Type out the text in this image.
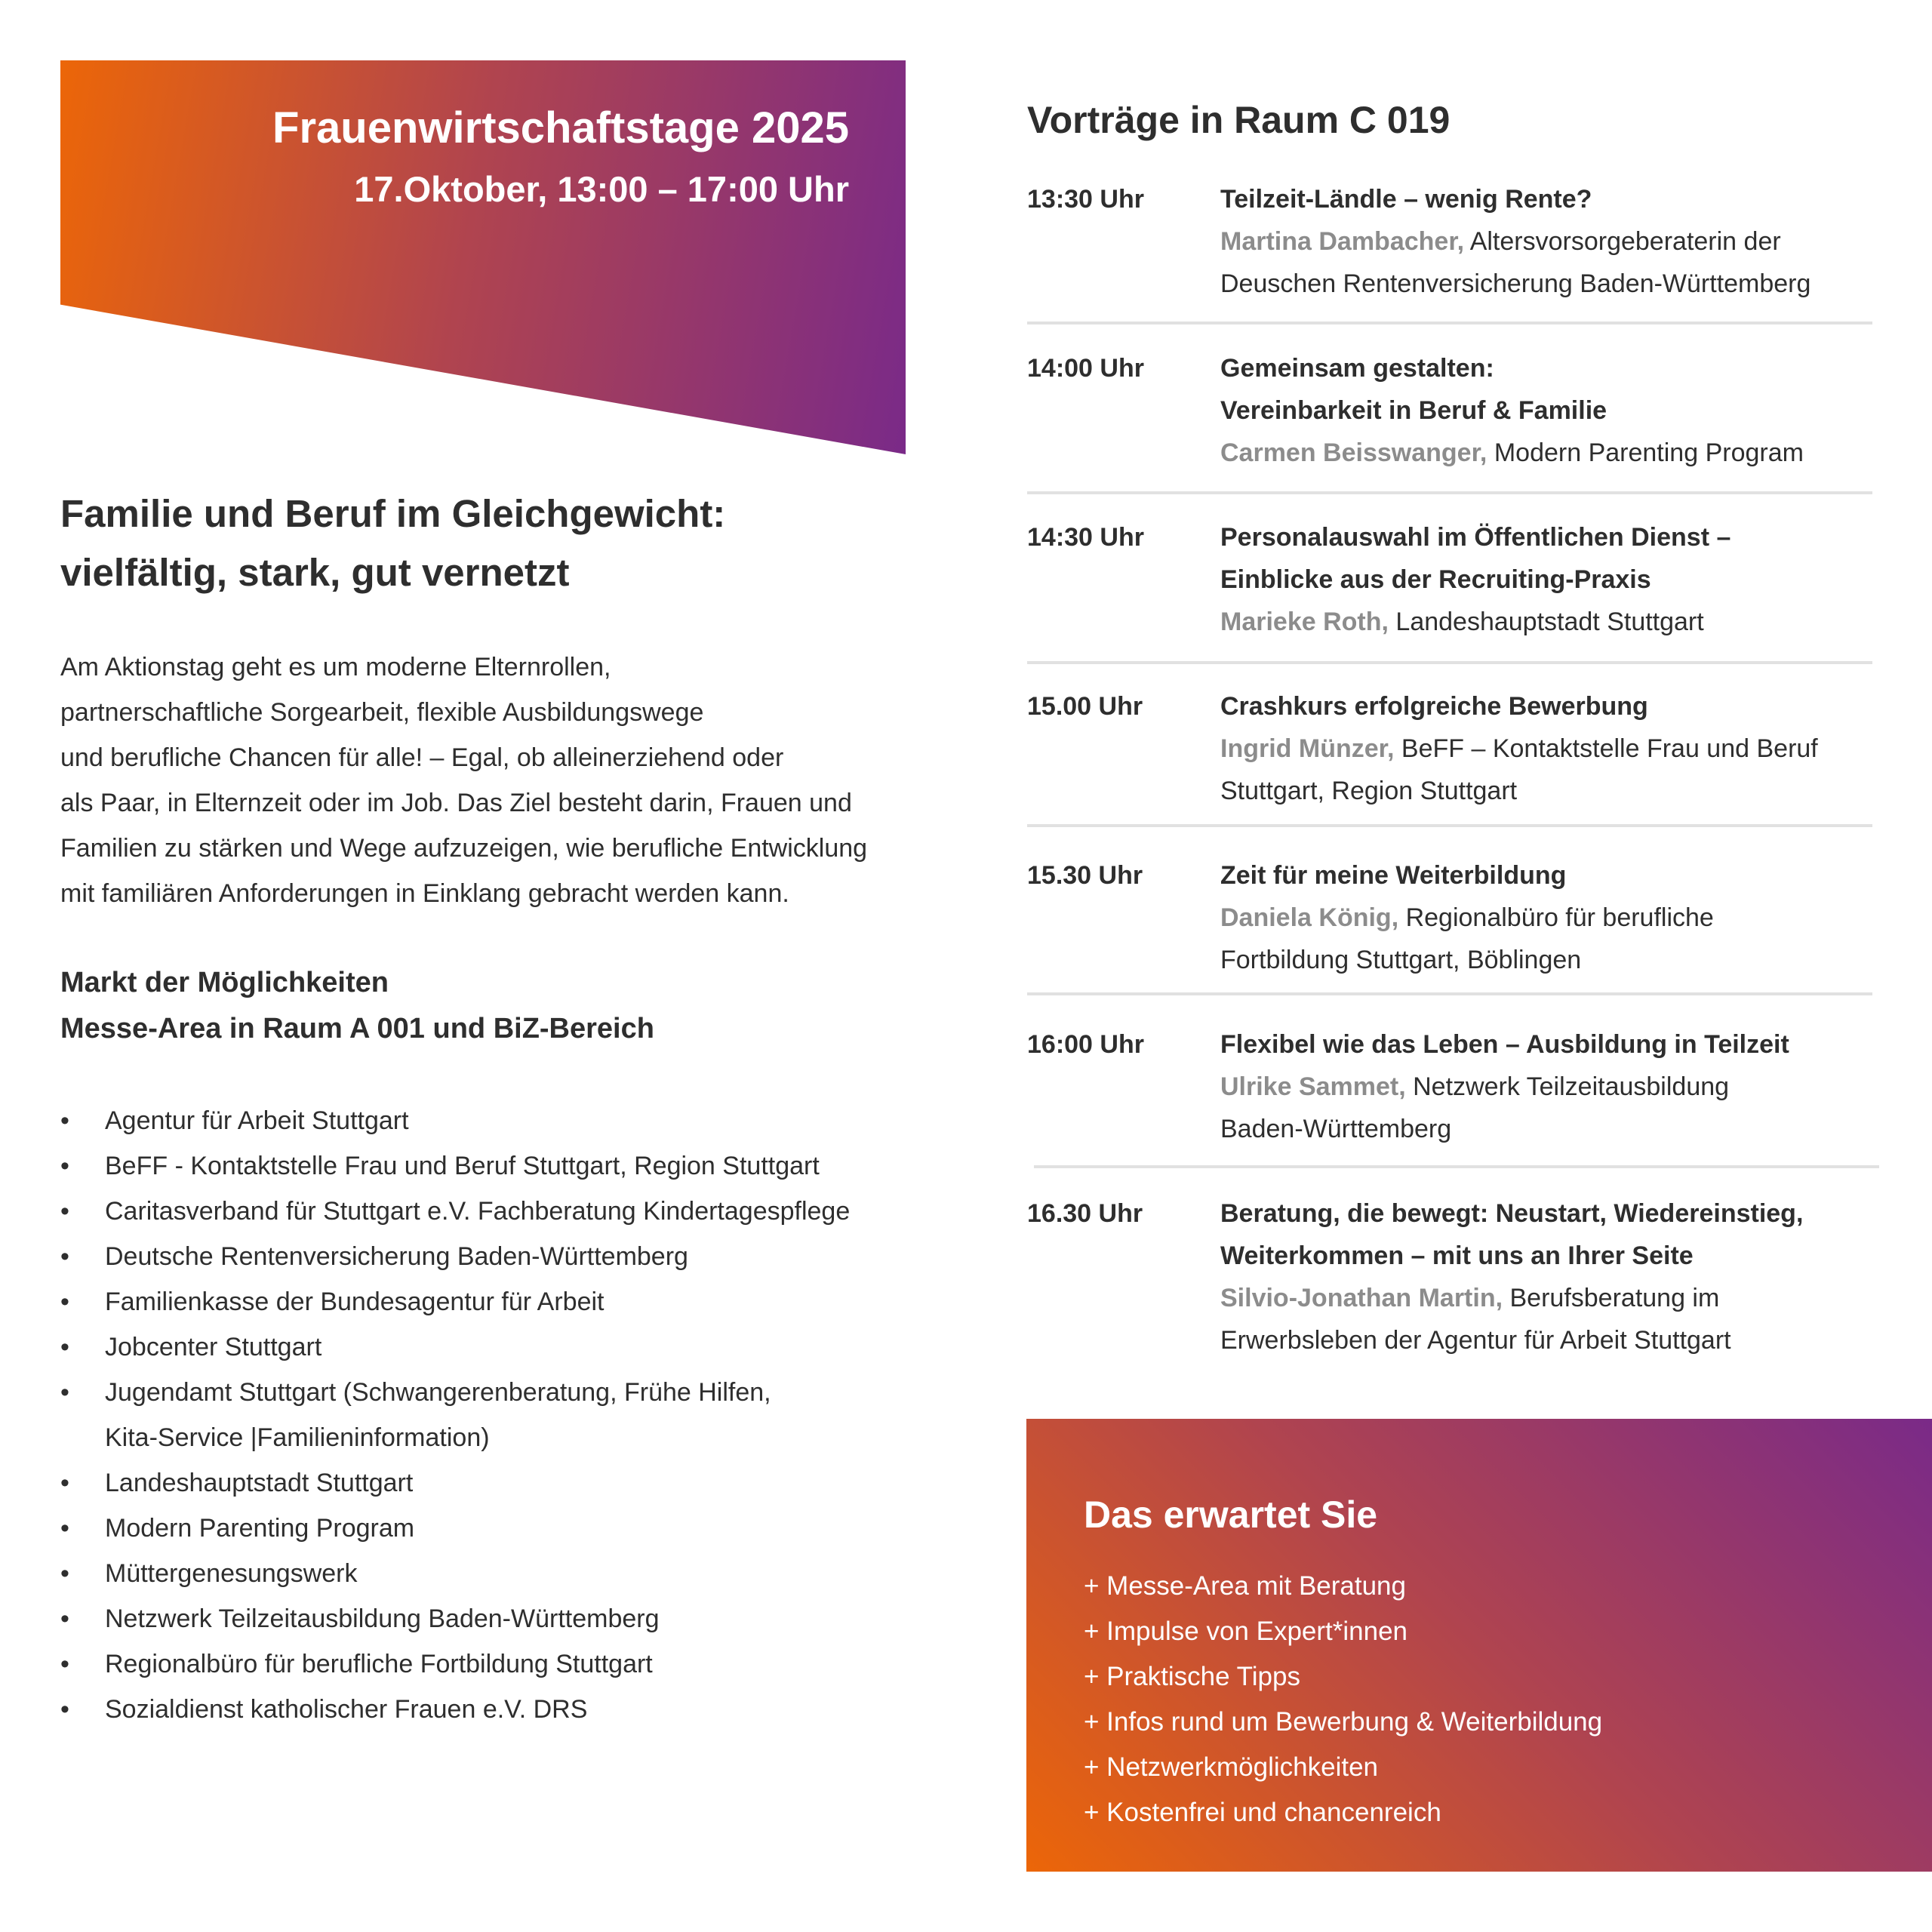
Frauenwirtschaftstage 2025
17.Oktober, 13:00 – 17:00 Uhr
Familie und Beruf im Gleichgewicht:
vielfältig, stark, gut vernetzt
Am Aktionstag geht es um moderne Elternrollen,
partnerschaftliche Sorgearbeit, flexible Ausbildungswege
und berufliche Chancen für alle! – Egal, ob alleinerziehend oder
als Paar, in Elternzeit oder im Job. Das Ziel besteht darin, Frauen und
Familien zu stärken und Wege aufzuzeigen, wie berufliche Entwicklung
mit familiären Anforderungen in Einklang gebracht werden kann.
Markt der Möglichkeiten
Messe-Area in Raum A 001 und BiZ-Bereich
• Agentur für Arbeit Stuttgart
• BeFF - Kontaktstelle Frau und Beruf Stuttgart, Region Stuttgart
• Caritasverband für Stuttgart e.V. Fachberatung Kindertagespflege
• Deutsche Rentenversicherung Baden-Württemberg
• Familienkasse der Bundesagentur für Arbeit
• Jobcenter Stuttgart
• Jugendamt Stuttgart (Schwangerenberatung, Frühe Hilfen,
Kita-Service |Familieninformation)
• Landeshauptstadt Stuttgart
• Modern Parenting Program
• Müttergenesungswerk
• Netzwerk Teilzeitausbildung Baden-Württemberg
• Regionalbüro für berufliche Fortbildung Stuttgart
• Sozialdienst katholischer Frauen e.V. DRS
Vorträge in Raum C 019
13:30 Uhr	Teilzeit-Ländle – wenig Rente?
Martina Dambacher, Altersvorsorgeberaterin der
Deuschen Rentenversicherung Baden-Württemberg
14:00 Uhr	Gemeinsam gestalten:
Vereinbarkeit in Beruf & Familie
Carmen Beisswanger, Modern Parenting Program
14:30 Uhr	Personalauswahl im Öffentlichen Dienst –
Einblicke aus der Recruiting-Praxis
Marieke Roth, Landeshauptstadt Stuttgart
15.00 Uhr	Crashkurs erfolgreiche Bewerbung
Ingrid Münzer, BeFF – Kontaktstelle Frau und Beruf
Stuttgart, Region Stuttgart
15.30 Uhr	Zeit für meine Weiterbildung
Daniela König, Regionalbüro für berufliche
Fortbildung Stuttgart, Böblingen
16:00 Uhr	Flexibel wie das Leben – Ausbildung in Teilzeit
Ulrike Sammet, Netzwerk Teilzeitausbildung
Baden-Württemberg
16.30 Uhr	Beratung, die bewegt: Neustart, Wiedereinstieg,
Weiterkommen – mit uns an Ihrer Seite
Silvio-Jonathan Martin, Berufsberatung im
Erwerbsleben der Agentur für Arbeit Stuttgart
Das erwartet Sie
+ Messe-Area mit Beratung
+ Impulse von Expert*innen
+ Praktische Tipps
+ Infos rund um Bewerbung & Weiterbildung
+ Netzwerkmöglichkeiten
+ Kostenfrei und chancenreich
